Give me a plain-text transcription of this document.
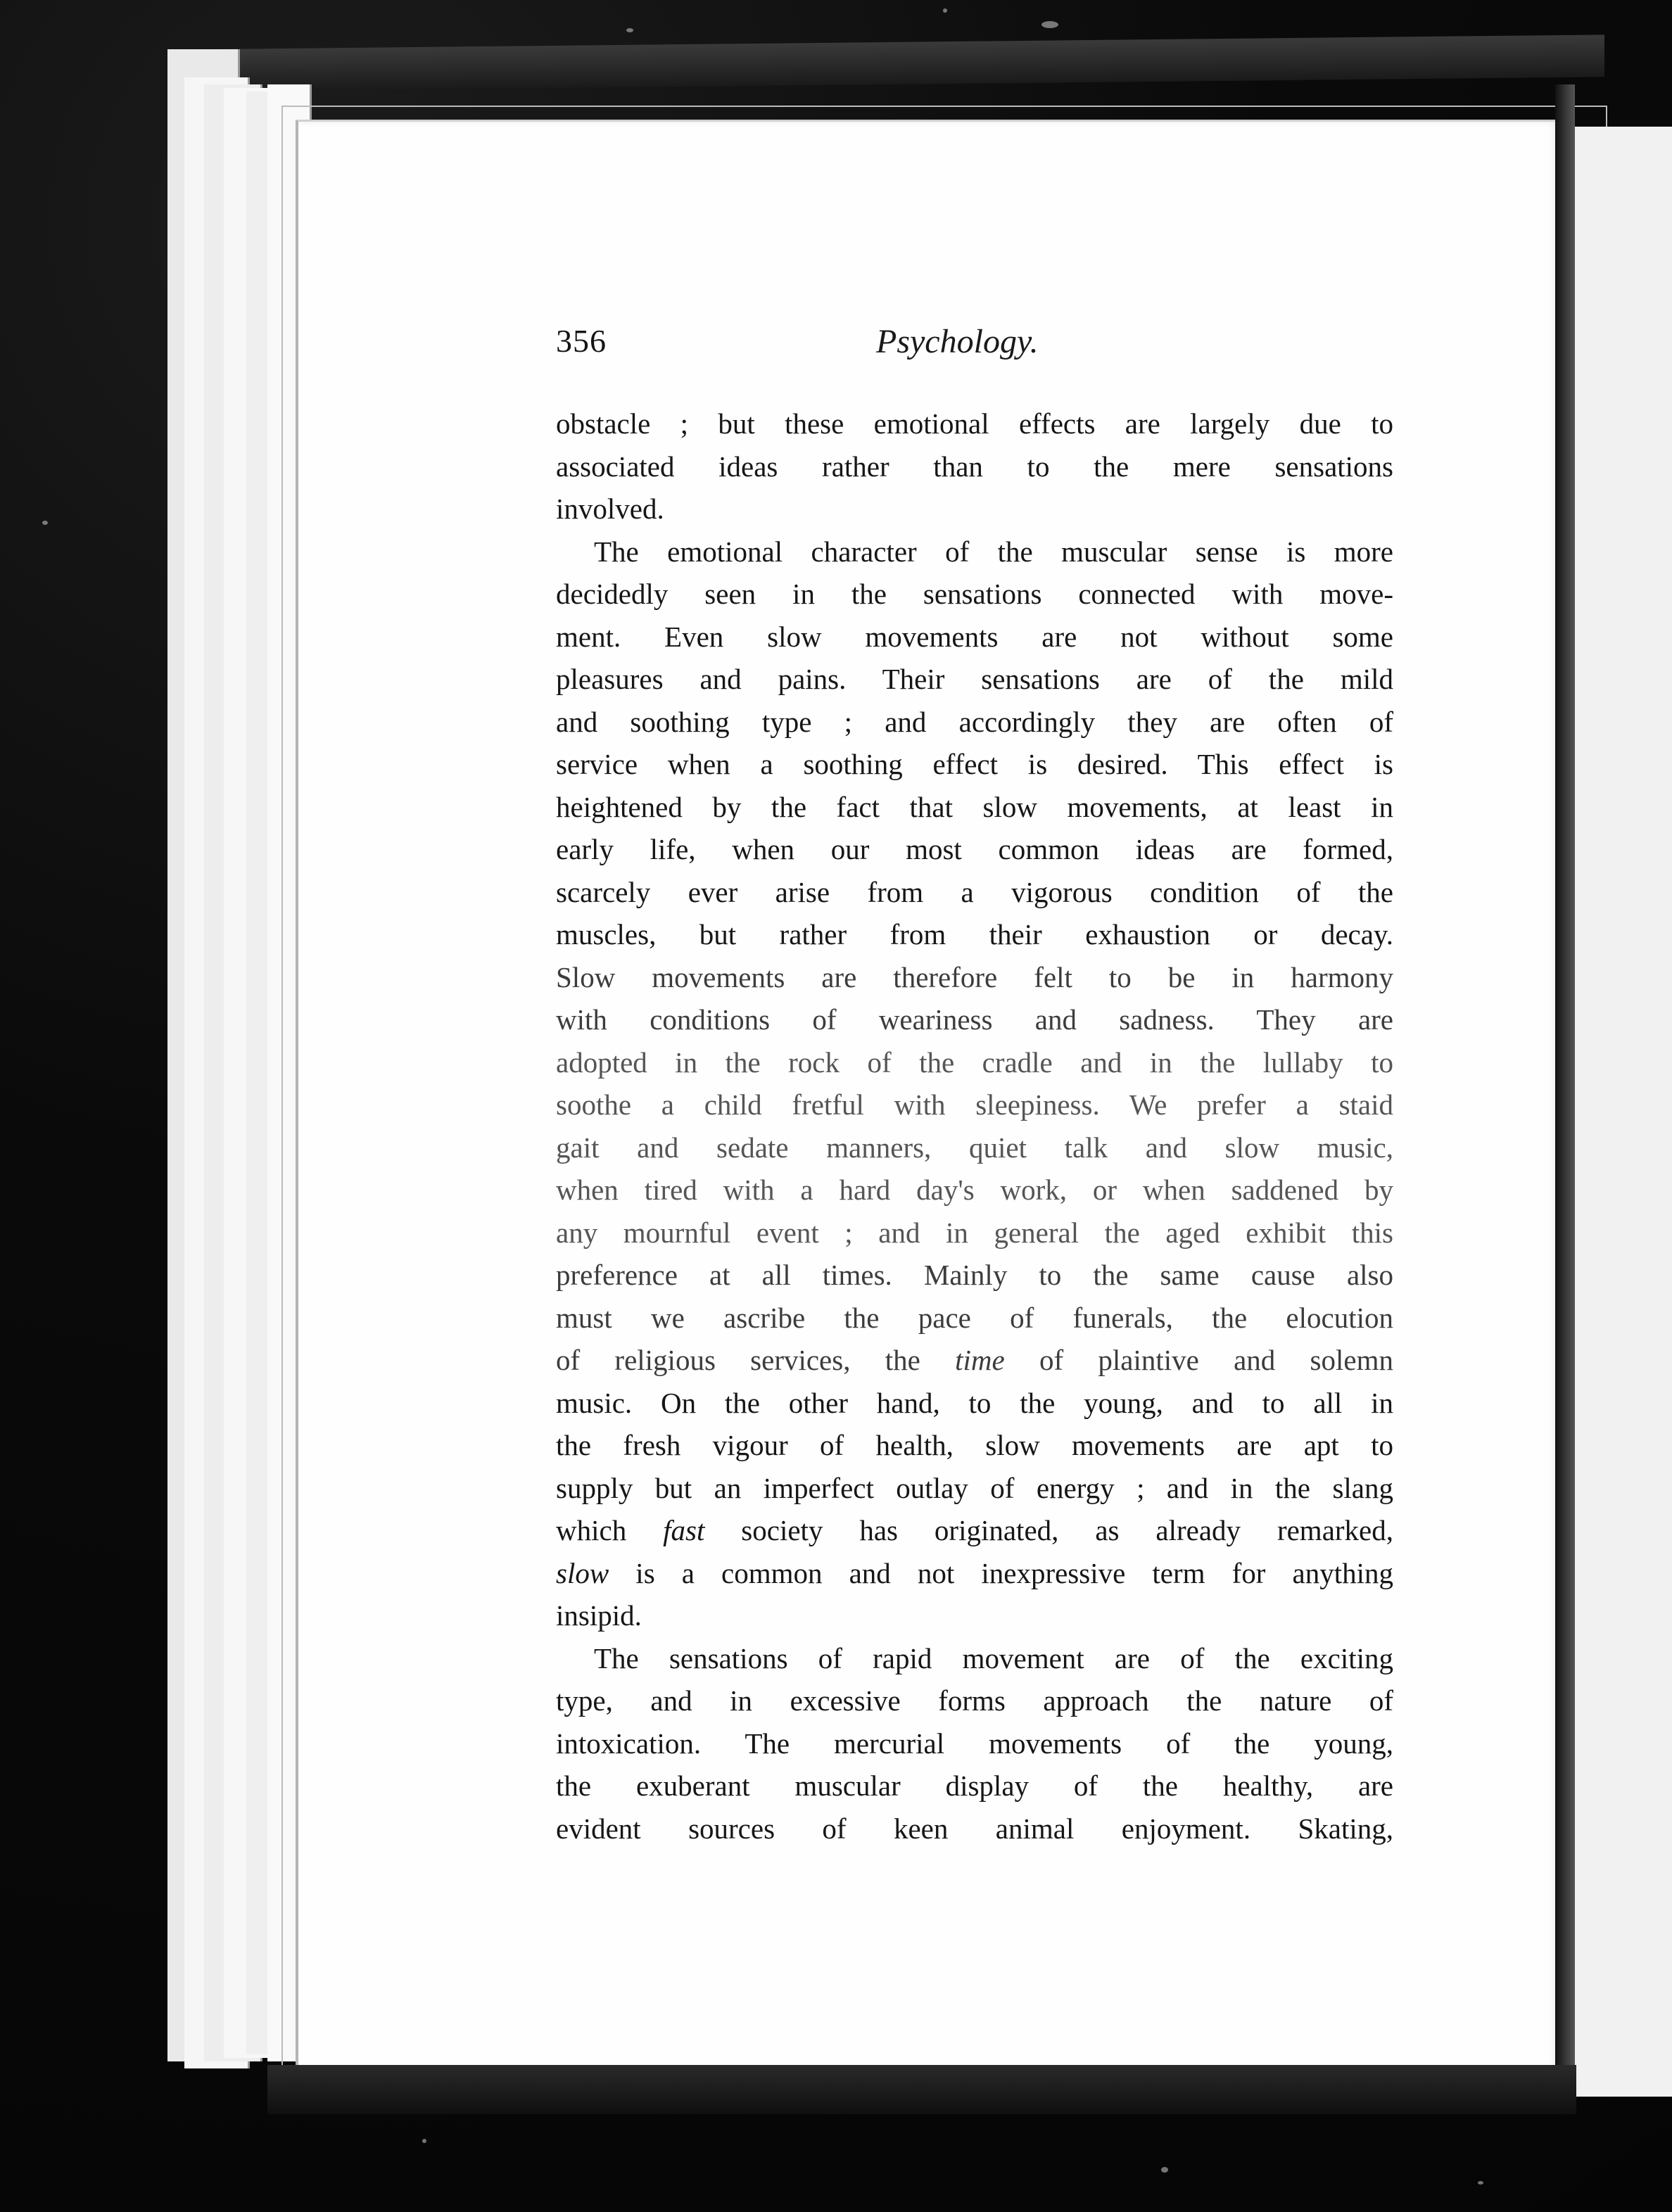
356	Psychology.
obstacle ; but these emotional effects are largely due to
associated ideas rather than to the mere sensations
involved.
The emotional character of the muscular sense is more
decidedly seen in the sensations connected with move-
ment. Even slow movements are not without some
pleasures and pains. Their sensations are of the mild
and soothing type ; and accordingly they are often of
service when a soothing effect is desired. This effect is
heightened by the fact that slow movements, at least in
early life, when our most common ideas are formed,
scarcely ever arise from a vigorous condition of the
muscles, but rather from their exhaustion or decay.
Slow movements are therefore felt to be in harmony
with conditions of weariness and sadness. They are
adopted in the rock of the cradle and in the lullaby to
soothe a child fretful with sleepiness. We prefer a staid
gait and sedate manners, quiet talk and slow music,
when tired with a hard day's work, or when saddened by
any mournful event ; and in general the aged exhibit this
preference at all times. Mainly to the same cause also
must we ascribe the pace of funerals, the elocution
of religious services, the time of plaintive and solemn
music. On the other hand, to the young, and to all in
the fresh vigour of health, slow movements are apt to
supply but an imperfect outlay of energy ; and in the slang
which fast society has originated, as already remarked,
slow is a common and not inexpressive term for anything
insipid.
The sensations of rapid movement are of the exciting
type, and in excessive forms approach the nature of
intoxication. The mercurial movements of the young,
the exuberant muscular display of the healthy, are
evident sources of keen animal enjoyment. Skating,
